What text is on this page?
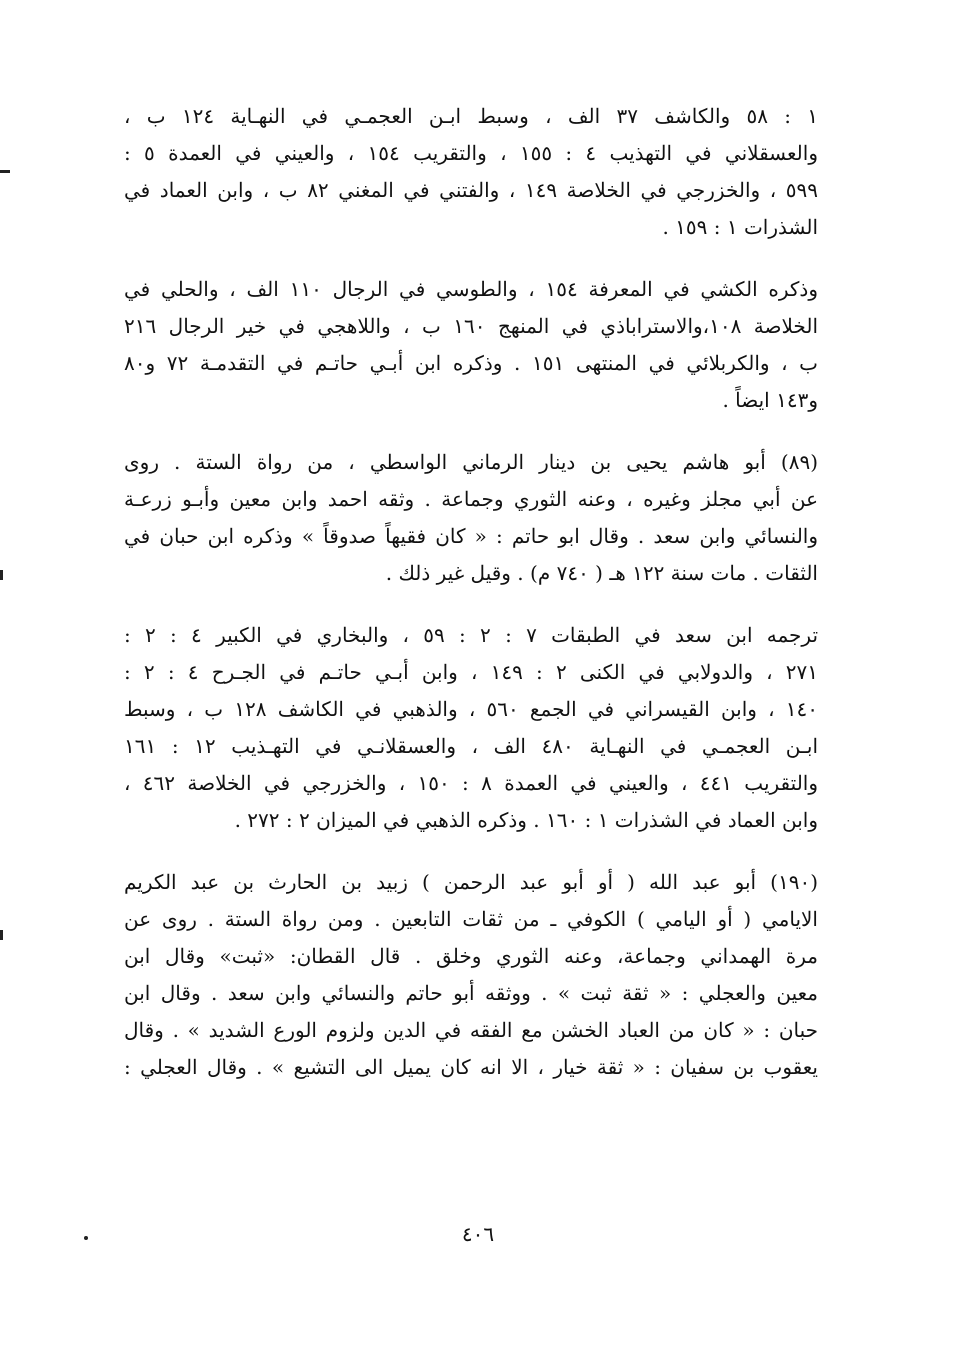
١ : ٥٨ والكاشف ٣٧ الف ، وسبط ابـن العجمـي في النهـاية ١٢٤ ب ،
والعسقلاني في التهذيب ٤ : ١٥٥ ، والتقريب ١٥٤ ، والعيني في العمدة ٥ :
٥٩٩ ، والخزرجي في الخلاصة ١٤٩ ، والفتني في المغني ٨٢ ب ، وابن العماد في
الشذرات ١ : ١٥٩ .
وذكره الكشي في المعرفة ١٥٤ ، والطوسي في الرجال ١١٠ الف ، والحلي في
الخلاصة ١٠٨،والاستراباذي في المنهج ١٦٠ ب ، واللاهجي في خير الرجال ٢١٦
ب ، والكربلائي في المنتهى ١٥١ . وذكره ابن أبـي حاتـم في التقدمـة ٧٢ و٨٠
و١٤٣ ايضاً .
(٨٩) أبو هاشم يحيى بن دينار الرماني الواسطي ، من رواة الستة . روى
عن أبي مجلز وغيره ، وعنه الثوري وجماعة . وثقه احمد وابن معين وأبـو زرعـة
والنسائي وابن سعد . وقال ابو حاتم : « كان فقيهاً صدوقاً » وذكره ابن حبان في
الثقات . مات سنة ١٢٢ هـ ( ٧٤٠ م) . وقيل غير ذلك .
ترجمه ابن سعد في الطبقات ٧ : ٢ : ٥٩ ، والبخاري في الكبير ٤ : ٢ :
٢٧١ ، والدولابي في الكنى ٢ : ١٤٩ ، وابن أبـي حاتـم في الجـرح ٤ : ٢ :
١٤٠ ، وابن القيسراني في الجمع ٥٦٠ ، والذهبي في الكاشف ١٢٨ ب ، وسبط
ابـن العجمـي في النهـاية ٤٨٠ الف ، والعسقلانـي في التهـذيب ١٢ : ١٦١
والتقريب ٤٤١ ، والعيني في العمدة ٨ : ١٥٠ ، والخزرجي في الخلاصة ٤٦٢ ،
وابن العماد في الشذرات ١ : ١٦٠ . وذكره الذهبي في الميزان ٢ : ٢٧٢ .
(١٩٠) أبو عبد الله ( أو أبو عبد الرحمن ) زبيد بن الحارث بن عبد الكريم
الايامي ( أو اليامي ) الكوفي ـ من ثقات التابعين . ومن رواة الستة . روى عن
مرة الهمداني وجماعة، وعنه الثوري وخلق . قال القطان: «ثبت» وقال ابن
معين والعجلي : « ثقة ثبت » . ووثقه أبو حاتم والنسائي وابن سعد . وقال ابن
حبان : « كان من العباد الخشن مع الفقه في الدين ولزوم الورع الشديد » . وقال
يعقوب بن سفيان : « ثقة خيار ، الا انه كان يميل الى التشيع » . وقال العجلي :
٤٠٦
